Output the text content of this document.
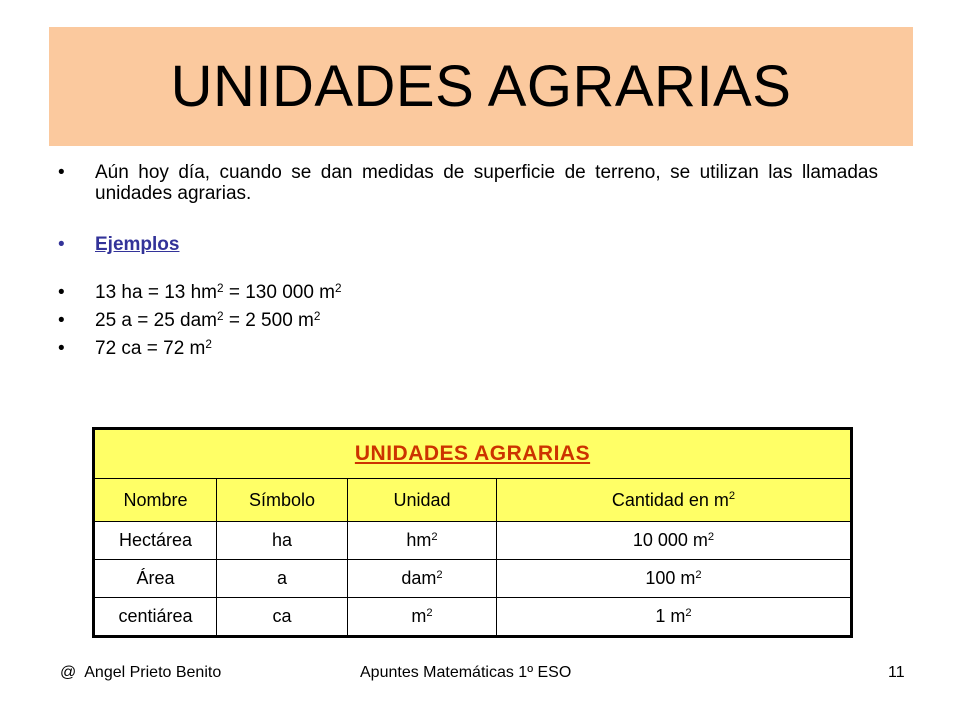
UNIDADES AGRARIAS
•	Aún hoy día, cuando se dan medidas de superficie de terreno, se utilizan las llamadas unidades agrarias.
•	Ejemplos
•	13 ha = 13 $hm^2 = 130$ 000 $m^2$
•	25 a = 25 dam$^2$ = 2 500 $m^2$
•	72 ca = 72 $m^2$
UNIDADES AGRARIAS			
Nombre	Símbolo	Unidad	Cantidad en $m^2$
Hectárea	ha	$hm^2$	10 000 $m^2$
Área	a	dam$^2$	100 $m^2$
centiárea	ca	$m^2$	1 $m^2$
@  Angel Prieto Benito	Apuntes Matemáticas 1º ESO	11
